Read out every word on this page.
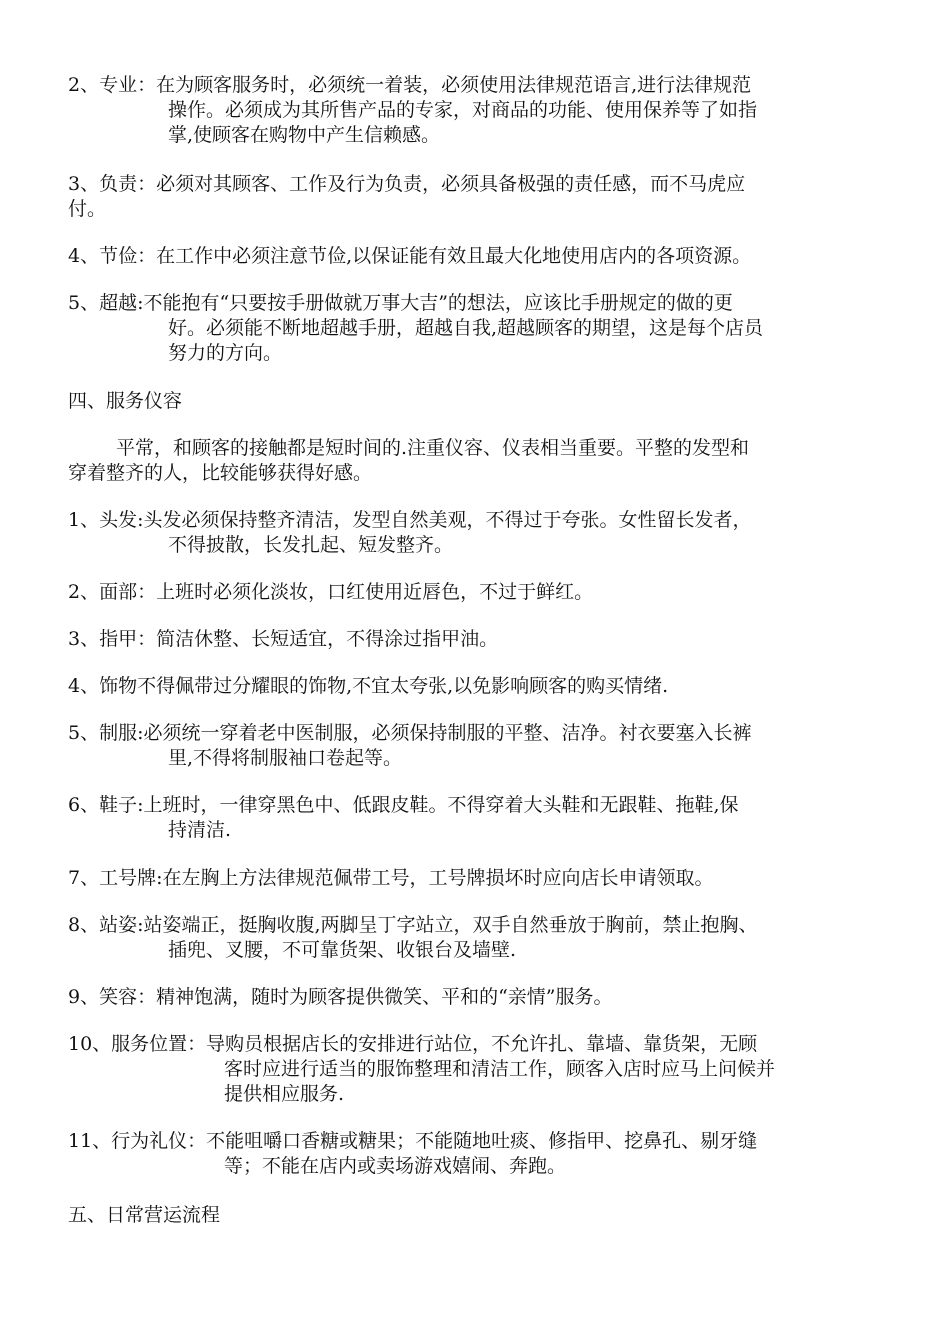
2、专业：在为顾客服务时，必须统一着装，必须使用法律规范语言,进行法律规范
操作。必须成为其所售产品的专家，对商品的功能、使用保养等了如指
掌,使顾客在购物中产生信赖感。
3、负责：必须对其顾客、工作及行为负责，必须具备极强的责任感，而不马虎应
付。
4、节俭：在工作中必须注意节俭,以保证能有效且最大化地使用店内的各项资源。
5、超越:不能抱有“只要按手册做就万事大吉”的想法，应该比手册规定的做的更
好。必须能不断地超越手册，超越自我,超越顾客的期望，这是每个店员
努力的方向。
四、服务仪容
平常，和顾客的接触都是短时间的.注重仪容、仪表相当重要。平整的发型和
穿着整齐的人，比较能够获得好感。
1、头发:头发必须保持整齐清洁，发型自然美观，不得过于夸张。女性留长发者，
不得披散，长发扎起、短发整齐。
2、面部：上班时必须化淡妆，口红使用近唇色，不过于鲜红。
3、指甲：简洁休整、长短适宜，不得涂过指甲油。
4、饰物不得佩带过分耀眼的饰物,不宜太夸张,以免影响顾客的购买情绪.
5、制服:必须统一穿着老中医制服，必须保持制服的平整、洁净。衬衣要塞入长裤
里,不得将制服袖口卷起等。
6、鞋子:上班时，一律穿黑色中、低跟皮鞋。不得穿着大头鞋和无跟鞋、拖鞋,保
持清洁.
7、工号牌:在左胸上方法律规范佩带工号，工号牌损坏时应向店长申请领取。
8、站姿:站姿端正，挺胸收腹,两脚呈丁字站立，双手自然垂放于胸前，禁止抱胸、
插兜、叉腰，不可靠货架、收银台及墙壁.
9、笑容：精神饱满，随时为顾客提供微笑、平和的“亲情”服务。
10、服务位置：导购员根据店长的安排进行站位，不允许扎、靠墙、靠货架，无顾
客时应进行适当的服饰整理和清洁工作，顾客入店时应马上问候并
提供相应服务.
11、行为礼仪：不能咀嚼口香糖或糖果；不能随地吐痰、修指甲、挖鼻孔、剔牙缝
等；不能在店内或卖场游戏嬉闹、奔跑。
五、日常营运流程
